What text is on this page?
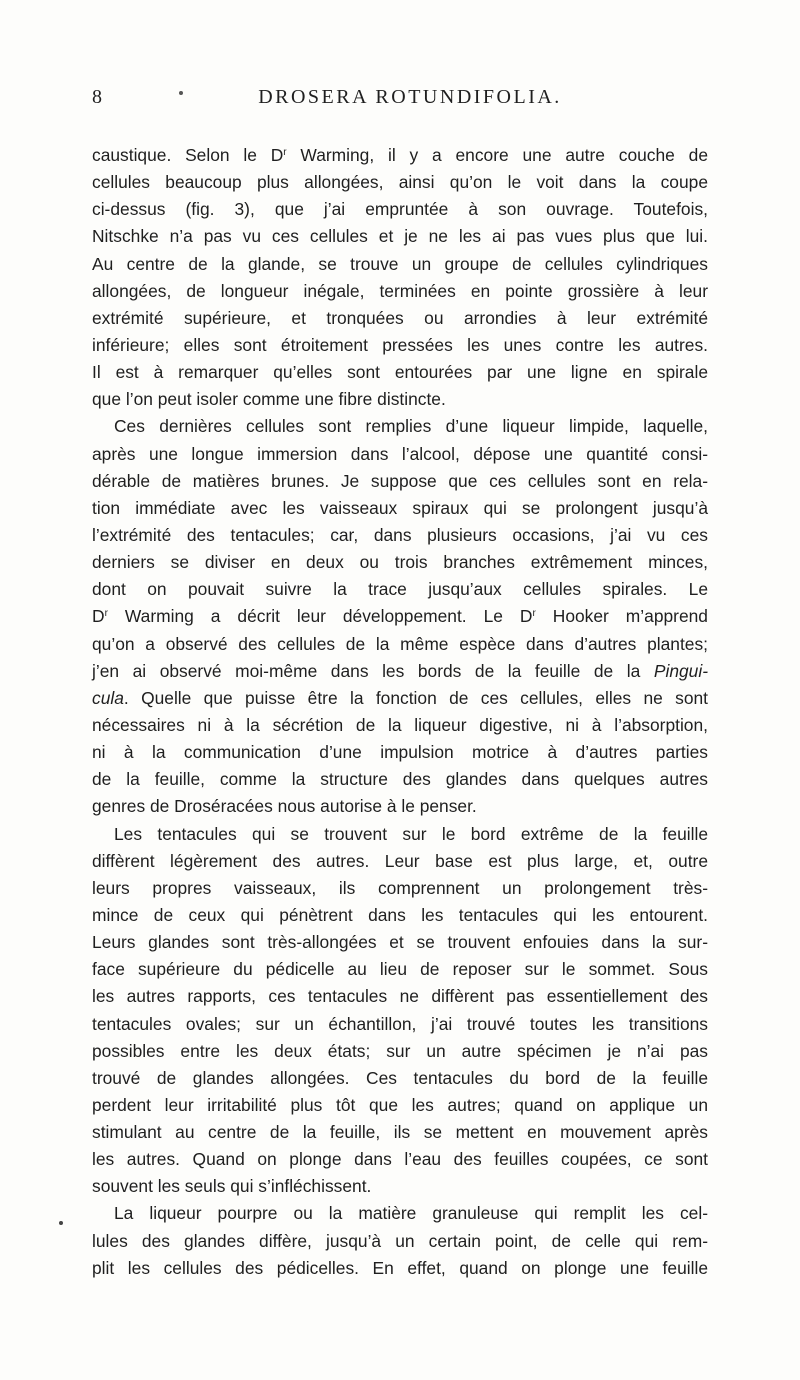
8	DROSERA ROTUNDIFOLIA.
caustique. Selon le $D^r$ Warming, il y a encore une autre couche de
cellules beaucoup plus allongées, ainsi qu’on le voit dans la coupe
ci-dessus (fig. 3), que j’ai empruntée à son ouvrage. Toutefois,
Nitschke n’a pas vu ces cellules et je ne les ai pas vues plus que lui.
Au centre de la glande, se trouve un groupe de cellules cylindriques
allongées, de longueur inégale, terminées en pointe grossière à leur
extrémité supérieure, et tronquées ou arrondies à leur extrémité
inférieure; elles sont étroitement pressées les unes contre les autres.
Il est à remarquer qu’elles sont entourées par une ligne en spirale
que l’on peut isoler comme une fibre distincte.
Ces dernières cellules sont remplies d’une liqueur limpide, laquelle,
après une longue immersion dans l’alcool, dépose une quantité consi-
dérable de matières brunes. Je suppose que ces cellules sont en rela-
tion immédiate avec les vaisseaux spiraux qui se prolongent jusqu’à
l’extrémité des tentacules; car, dans plusieurs occasions, j’ai vu ces
derniers se diviser en deux ou trois branches extrêmement minces,
dont on pouvait suivre la trace jusqu’aux cellules spirales. Le
$D^r$ Warming a décrit leur développement. Le $D^r$ Hooker m’apprend
qu’on a observé des cellules de la même espèce dans d’autres plantes;
j’en ai observé moi-même dans les bords de la feuille de la Pingui-
cula. Quelle que puisse être la fonction de ces cellules, elles ne sont
nécessaires ni à la sécrétion de la liqueur digestive, ni à l’absorption,
ni à la communication d’une impulsion motrice à d’autres parties
de la feuille, comme la structure des glandes dans quelques autres
genres de Droséracées nous autorise à le penser.
Les tentacules qui se trouvent sur le bord extrême de la feuille
diffèrent légèrement des autres. Leur base est plus large, et, outre
leurs propres vaisseaux, ils comprennent un prolongement très-
mince de ceux qui pénètrent dans les tentacules qui les entourent.
Leurs glandes sont très-allongées et se trouvent enfouies dans la sur-
face supérieure du pédicelle au lieu de reposer sur le sommet. Sous
les autres rapports, ces tentacules ne diffèrent pas essentiellement des
tentacules ovales; sur un échantillon, j’ai trouvé toutes les transitions
possibles entre les deux états; sur un autre spécimen je n’ai pas
trouvé de glandes allongées. Ces tentacules du bord de la feuille
perdent leur irritabilité plus tôt que les autres; quand on applique un
stimulant au centre de la feuille, ils se mettent en mouvement après
les autres. Quand on plonge dans l’eau des feuilles coupées, ce sont
souvent les seuls qui s’infléchissent.
La liqueur pourpre ou la matière granuleuse qui remplit les cel-
lules des glandes diffère, jusqu’à un certain point, de celle qui rem-
plit les cellules des pédicelles. En effet, quand on plonge une feuille
